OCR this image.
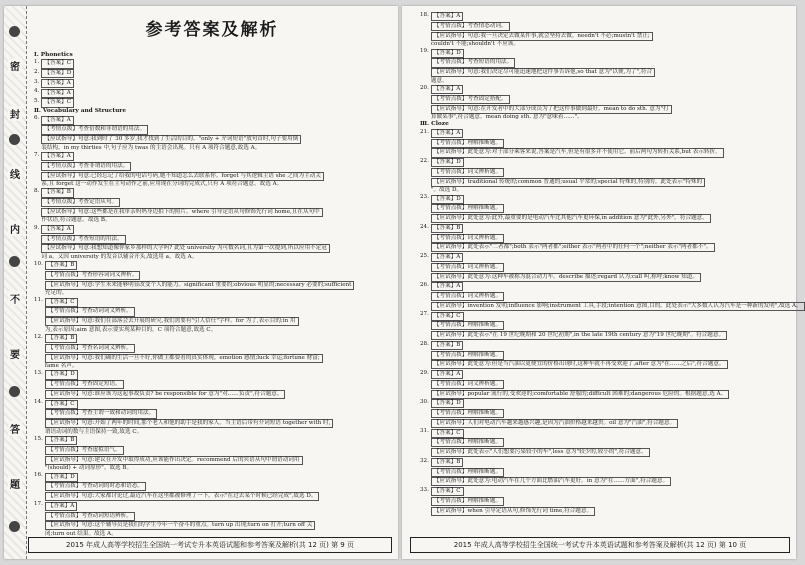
密
封
线
内
不
要
答
题
参考答案及解析
Ⅰ. Phonetics
1. 【答案】C

2. 【答案】D

3. 【答案】A

4. 【答案】A

5. 【答案】C

Ⅱ. Vocabulary and Structure
6. 【答案】A
【考情点拨】考查倍数和非谓语的用法。
【应试指导】句意:我到时了 30 多岁,我才找到了生活的目的。"only + 介词短语"放句首时,句子要用倒

装结构。in my thirties 中,句子应为 twas 的主语会出现。只有 A 项符合题意,故选 A。
7. 【答案】A
【考情点拨】考查非谓语的用法。
【应试指导】句意:已经忘记了给我的电话号码,她不知道怎么去联系你。forget 与其逻辑主语 she 之间为主动关

系,且 forget 这一动作发生在主句动作之前,应用现在分词的完成式,只有 A 项符合题意。故选 A。
8. 【答案】B
【考情点拨】考查定语从句。
【应试指导】句意:这些都是在我单亲妈妈身边拍下的照片。where 引导定语从句修饰先行词 home,且在从句中

作状语,符合题意。故选 B。
9. 【答案】A
【考情点拨】考查短语的用法。
【应试指导】句意:我想知道像你家乡那样的大学吗? 此处 university 为可数名词,且为第一次提到,所以应用不定冠

词 a。又因 university 的发音以辅音开头,故选用 a。故选 A。
10. 【答案】B
【考情点拨】考查形容词词义辨析。
【应试指导】句意:学生未来能够明显改变个人的能力。significant 重要的;obvious 明显的;necessary 必要的;sufficient

充足的。
11. 【答案】C
【考情点拨】考查动词词义辨析。
【应试指导】句意:我们在部落会去开展的研究,我们需要有"引人信任"字样。for 为了,表示目的;in 用

为,表示原因;aim 意图,表示要实现某种目的。C 项符合题意,故选 C。
12. 【答案】B
【考情点拨】考查名词词义辨析。
【应试指导】句意:我们确的生活一旦不好,你做主都要看的真实体现。emotion 感情;luck 幸运;fortune 财富;

fame 名声。
13. 【答案】D
【考情点拨】考查固定短语。
【应试指导】句意:谁应该为这起事故负责? be responsible for 意为"对……负责",符合题意。

14. 【答案】C
【考情点拨】考查主谓一致和动词的用法。
【应试指导】句意:开始了两年的时间,那个老人和他的助手是我的家人。当主语后带有介词短语 together with 时,

谓语动词的数与主语保持一致,故选 C。
15. 【答案】B
【考情点拨】考查虚拟语气。
【应试指导】句意:建议在开发中取得成功,应该能作出决定。recommend 后的宾语从句中谓语动词用

"(should) + 动词原形"。故选 B。
16. 【答案】D
【考情点拨】考查动词的时态和语态。
【应试指导】句意:大家都讨论过,最近汽车在这里都被修理了一下。表示"在过去某个时候已经完成",故选 D。

17. 【答案】A
【考情点拨】考查动词短语辨析。
【应试指导】句意:这个辅导员是我们的学生今年一个奋斗的重点。turn up 出现;turn on 打开;turn off 关

闭;turn out 结果。故选 A。
2015 年成人高等学校招生全国统一考试专升本英语试题和参考答案及解析(共 12 页) 第 9 页
18. 【答案】A
【考情点拨】考查情态动词。
【应试指导】句意:我一旦决定去做某件事,就会坚持去做。needn't 不必;mustn't 禁止;

couldn't 不能;shouldn't 不应该。
19. 【答案】D
【考情点拨】考查短语的用法。
【应试指导】句意:我们决定尽可能迅速地把这件事告诉他,so that 意为"以便,为了",符合

题意。
20. 【答案】A
【考情点拨】考查固定搭配。
【应试指导】句意:在开发者中的大部分成员为了把这件事做到最好。mean to do sth. 意为"打

算做某事",符合题意。mean doing sth. 意为"意味着……"。
Ⅲ. Cloze
21. 【答案】A
【考情点拨】理解推断题。
【应试指导】此处意为:对于部分乘客来说,答案是汽车,但是有很多并不使用它。前后两句为转折关系,but 表示转折。

22. 【答案】D
【考情点拨】词义辨析题。
【应试指导】traditional 传统的;common 普通的;usual 平常的;special 特殊的,特别的。此处表示"特殊的

"。故选 D。
23. 【答案】D
【考情点拨】理解推断题。
【应试指导】此处意为:此外,最重要的是电动汽车比其他汽车更环保,in addition 意为"此外,另外"。符合题意。

24. 【答案】B
【考情点拨】词义辨析题。
【应试指导】此处表示"二者都";both 表示"两者都";either 表示"两者中的任何一个";neither 表示"两者都不"。

25. 【答案】A
【考情点拨】词义辨析题。
【应试指导】此处意为:这种车被称为混合动力车。describe 描述;regard 认为;call 叫,称呼;know 知道。

26. 【答案】A
【考情点拨】词义辨析题。
【应试指导】invention 发明;influence 影响;instrument 工具,手段;intention 意图,目的。此处表示"大多数人认为汽车是一种新的发明",故选 A。

27. 【答案】C
【考情点拨】理解推断题。
【应试指导】此处表示"在 19 世纪晚期和 20 世纪初期",in the late 19th century 意为"19 世纪晚期"。符合题意。

28. 【答案】B
【考情点拨】理解推断题。
【应试指导】此处意为:但是当汽油以更便宜的价格出现时,这种车就不再受欢迎了,after 意为"在……之后",符合题意。

29. 【答案】A
【考情点拨】词义辨析题。
【应试指导】popular 流行的,受欢迎的;comfortable 舒服的;difficult 困难的;dangerous 危险的。根据题意,选 A。

30. 【答案】D
【考情点拨】理解推断题。
【应试指导】人们对电动汽车越来越感兴趣,是因为汽油价格越来越贵。oil 意为"汽油",符合题意。

31. 【答案】C
【考情点拨】理解推断题。
【应试指导】此处表示"人们想要污染较小的车",less 意为"较少的,较小的",符合题意。

32. 【答案】B
【考情点拨】理解推断题。
【应试指导】此处意为:电动汽车在几个方面比燃油汽车更好。in 意为"在……方面",符合题意。

33. 【答案】C
【考情点拨】理解推断题。
【应试指导】when 引导定语从句,修饰先行词 time,符合题意。

2015 年成人高等学校招生全国统一考试专升本英语试题和参考答案及解析(共 12 页) 第 10 页
